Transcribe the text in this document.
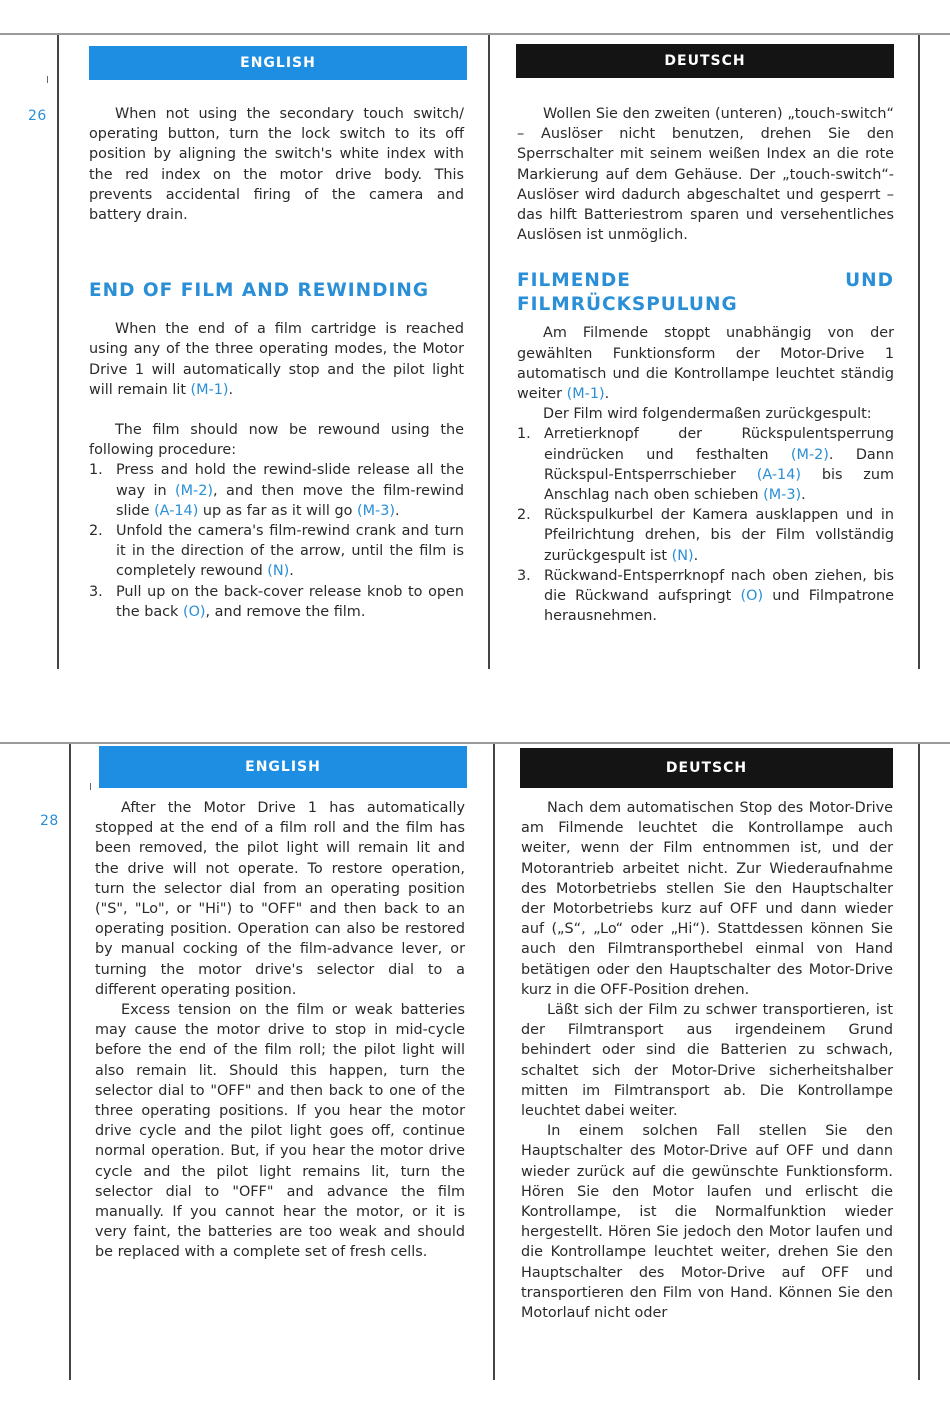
26
ENGLISH	DEUTSCH

When not using the secondary touch switch/ operating button, turn the lock switch to its off position by aligning the switch's white index with the red index on the motor drive body. This prevents accidental firing of the camera and battery drain.

END OF FILM AND REWINDING

When the end of a film cartridge is reached using any of the three operating modes, the Motor Drive 1 will automatically stop and the pilot light will remain lit (M-1).

The film should now be rewound using the following procedure:

1. Press and hold the rewind-slide release all the way in (M-2), and then move the film-rewind slide (A-14) up as far as it will go (M-3).
2. Unfold the camera's film-rewind crank and turn it in the direction of the arrow, until the film is completely rewound (N).
3. Pull up on the back-cover release knob to open the back (O), and remove the film.

Wollen Sie den zweiten (unteren) „touch-switch“ – Auslöser nicht benutzen, drehen Sie den Sperrschalter mit seinem weißen Index an die rote Markierung auf dem Gehäuse. Der „touch-switch“-Auslöser wird dadurch abgeschaltet und gesperrt – das hilft Batteriestrom sparen und versehentliches Auslösen ist unmöglich.

FILMENDE UND FILMRÜCKSPULUNG

Am Filmende stoppt unabhängig von der gewählten Funktionsform der Motor-Drive 1 automatisch und die Kontrollampe leuchtet ständig weiter (M-1).

Der Film wird folgendermaßen zurückgespult:

1. Arretierknopf der Rückspulentsperrung eindrücken und festhalten (M-2). Dann Rückspul-Entsperrschieber (A-14) bis zum Anschlag nach oben schieben (M-3).
2. Rückspulkurbel der Kamera ausklappen und in Pfeilrichtung drehen, bis der Film vollständig zurückgespult ist (N).
3. Rückwand-Entsperrknopf nach oben ziehen, bis die Rückwand aufspringt (O) und Filmpatrone herausnehmen.
28
ENGLISH	DEUTSCH

After the Motor Drive 1 has automatically stopped at the end of a film roll and the film has been removed, the pilot light will remain lit and the drive will not operate. To restore operation, turn the selector dial from an operating position ("S", "Lo", or "Hi") to "OFF" and then back to an operating position. Operation can also be restored by manual cocking of the film-advance lever, or turning the motor drive's selector dial to a different operating position.

Excess tension on the film or weak batteries may cause the motor drive to stop in mid-cycle before the end of the film roll; the pilot light will also remain lit. Should this happen, turn the selector dial to "OFF" and then back to one of the three operating positions. If you hear the motor drive cycle and the pilot light goes off, continue normal operation. But, if you hear the motor drive cycle and the pilot light remains lit, turn the selector dial to "OFF" and advance the film manually. If you cannot hear the motor, or it is very faint, the batteries are too weak and should be replaced with a complete set of fresh cells.

Nach dem automatischen Stop des Motor-Drive am Filmende leuchtet die Kontrollampe auch weiter, wenn der Film entnommen ist, und der Motorantrieb arbeitet nicht. Zur Wiederaufnahme des Motorbetriebs stellen Sie den Hauptschalter der Motorbetriebs kurz auf OFF und dann wieder auf („S“, „Lo“ oder „Hi“). Stattdessen können Sie auch den Filmtransporthebel einmal von Hand betätigen oder den Hauptschalter des Motor-Drive kurz in die OFF-Position drehen.

Läßt sich der Film zu schwer transportieren, ist der Filmtransport aus irgendeinem Grund behindert oder sind die Batterien zu schwach, schaltet sich der Motor-Drive sicherheitshalber mitten im Filmtransport ab. Die Kontrollampe leuchtet dabei weiter.

In einem solchen Fall stellen Sie den Hauptschalter des Motor-Drive auf OFF und dann wieder zurück auf die gewünschte Funktionsform. Hören Sie den Motor laufen und erlischt die Kontrollampe, ist die Normalfunktion wieder hergestellt. Hören Sie jedoch den Motor laufen und die Kontrollampe leuchtet weiter, drehen Sie den Hauptschalter des Motor-Drive auf OFF und transportieren den Film von Hand. Können Sie den Motorlauf nicht oder
